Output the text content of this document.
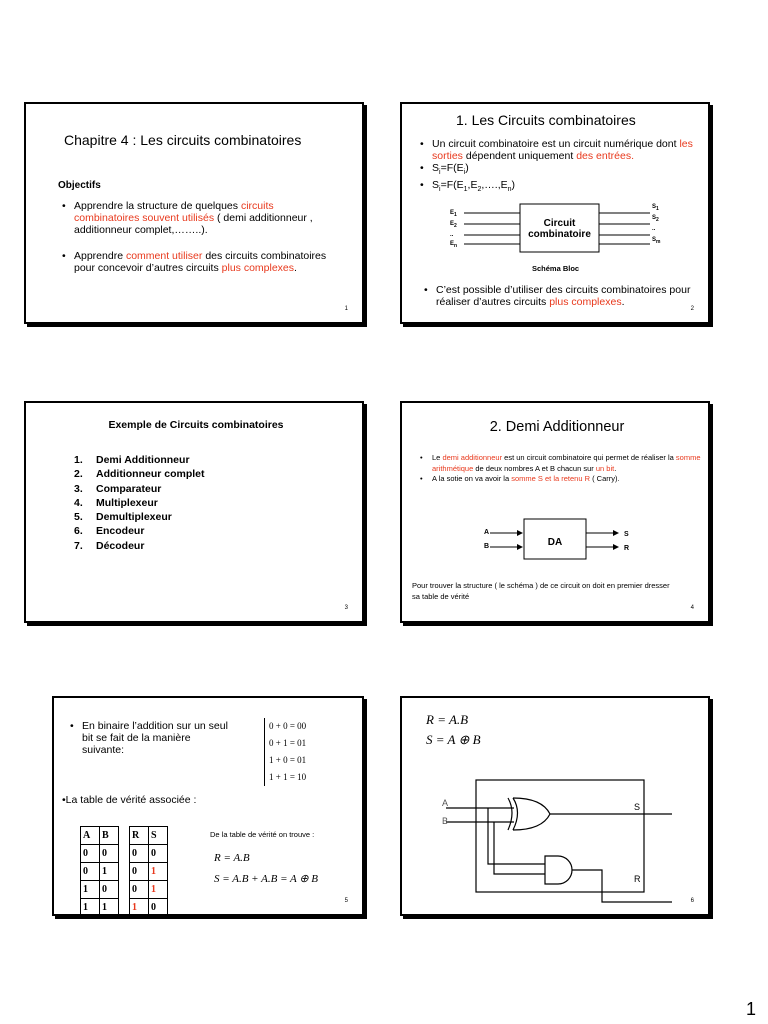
Chapitre 4 : Les circuits combinatoires
Objectifs
• Apprendre la structure de quelques circuits combinatoires souvent utilisés ( demi additionneur , additionneur complet,……..).
• Apprendre comment utiliser des circuits combinatoires pour concevoir d’autres circuits plus complexes.
1
1. Les Circuits combinatoires
• Un circuit combinatoire est un circuit numérique dont les sorties dépendent uniquement des entrées.
• $S_i=F(E_i)$
• $S_i=F(E_1,E_2,\dots.,E_n)$
$E_1$
$E_2$
..
$E_n$
$S_1$
$S_2$
..
$S_m$
Circuit
combinatoire
Schéma Bloc
• C’est possible d’utiliser des circuits combinatoires pour réaliser d’autres circuits plus complexes.
2
Exemple de Circuits combinatoires
1. Demi Additionneur
2. Additionneur complet
3. Comparateur
4. Multiplexeur
5. Demultiplexeur
6. Encodeur
7. Décodeur
3
2. Demi Additionneur
• Le demi additionneur est un circuit combinatoire qui permet de réaliser la somme arithmétique de deux nombres A et B chacun sur un bit.
• A la sotie on va avoir la somme S et la retenu R ( Carry).
A
B	DA
S
R
Pour trouver la structure ( le schéma ) de ce circuit on doit en premier dresser sa table de vérité
4
• En binaire l’addition sur un seul bit se fait de la manière suivante:
0 + 0 = 00
0 + 1 = 01
1 + 0 = 01
1 + 1 = 10
•La table de vérité associée :
A	B		R	S
0	0		0	0
0	1		0	1
1	0		0	1
1	1		1	0
De la table de vérité on trouve :
R = A.B
S = A.B + A.B = A ⊕ B
5
R = A.B
S = A ⊕ B
A
B
S
R
6
1
